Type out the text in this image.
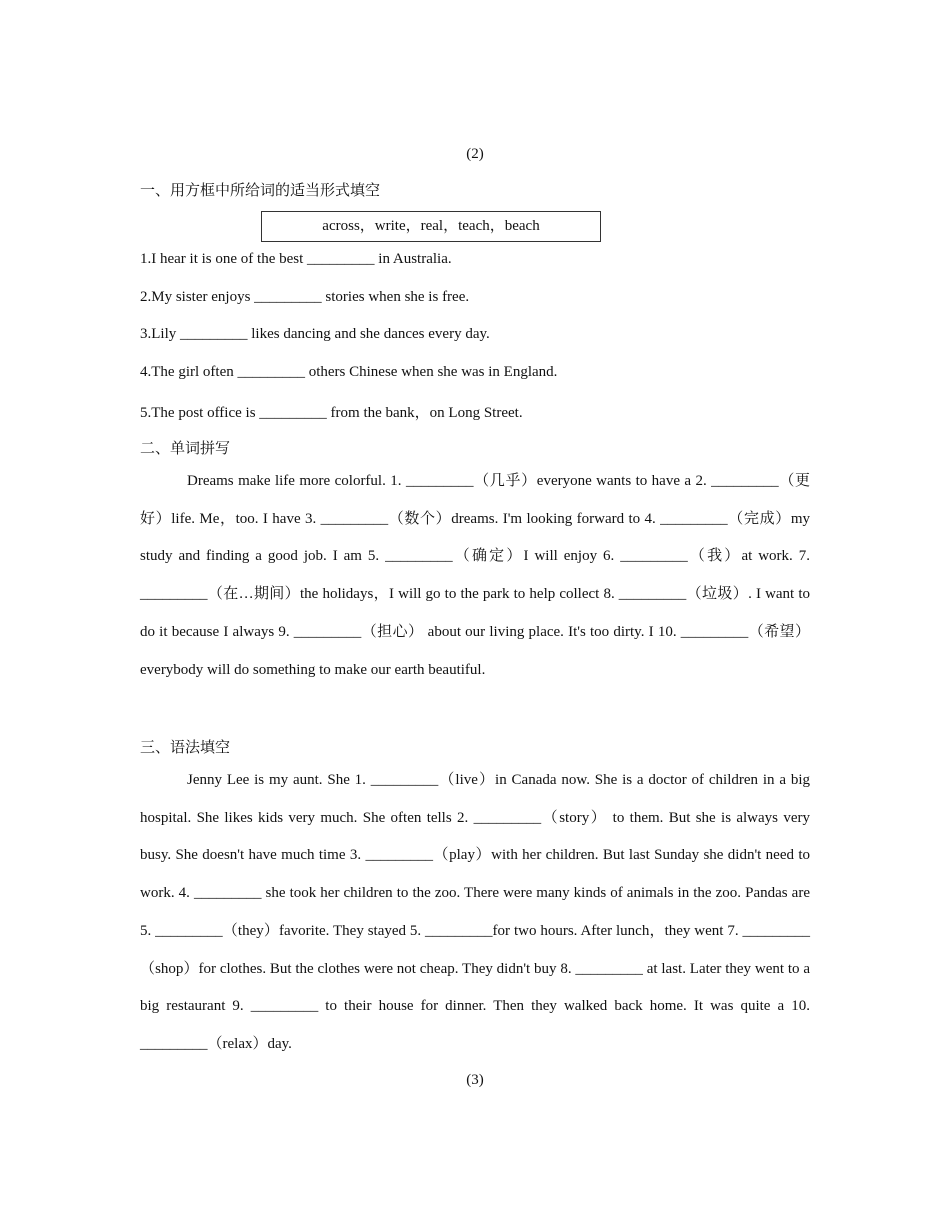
(2)
一、用方框中所给词的适当形式填空
across，write，real，teach，beach
1.I hear it is one of the best _________ in Australia.
2.My sister enjoys _________ stories when she is free.
3.Lily _________ likes dancing and she dances every day.
4.The girl often _________ others Chinese when she was in England.
5.The post office is _________ from the bank，on Long Street.
二、单词拼写
Dreams make life more colorful. 1. _________（几乎）everyone wants to have a 2. _________（更好）life. Me，too. I have 3. _________（数个）dreams. I'm looking forward to 4. _________（完成）my study and finding a good job. I am 5. _________（确定）I will enjoy 6. _________（我）at work. 7. _________（在…期间）the holidays，I will go to the park to help collect 8. _________（垃圾）. I want to do it because I always 9. _________（担心） about our living place. It's too dirty. I 10. _________（希望）everybody will do something to make our earth beautiful.
三、语法填空
Jenny Lee is my aunt. She 1. _________（live）in Canada now. She is a doctor of children in a big hospital. She likes kids very much. She often tells 2. _________（story） to them. But she is always very busy. She doesn't have much time 3. _________（play）with her children. But last Sunday she didn't need to work. 4. _________ she took her children to the zoo. There were many kinds of animals in the zoo. Pandas are 5. _________（they）favorite. They stayed 5. _________for two hours. After lunch，they went 7. _________（shop）for clothes. But the clothes were not cheap. They didn't buy 8. _________ at last. Later they went to a big restaurant 9. _________ to their house for dinner. Then they walked back home. It was quite a 10. _________（relax）day.
(3)
